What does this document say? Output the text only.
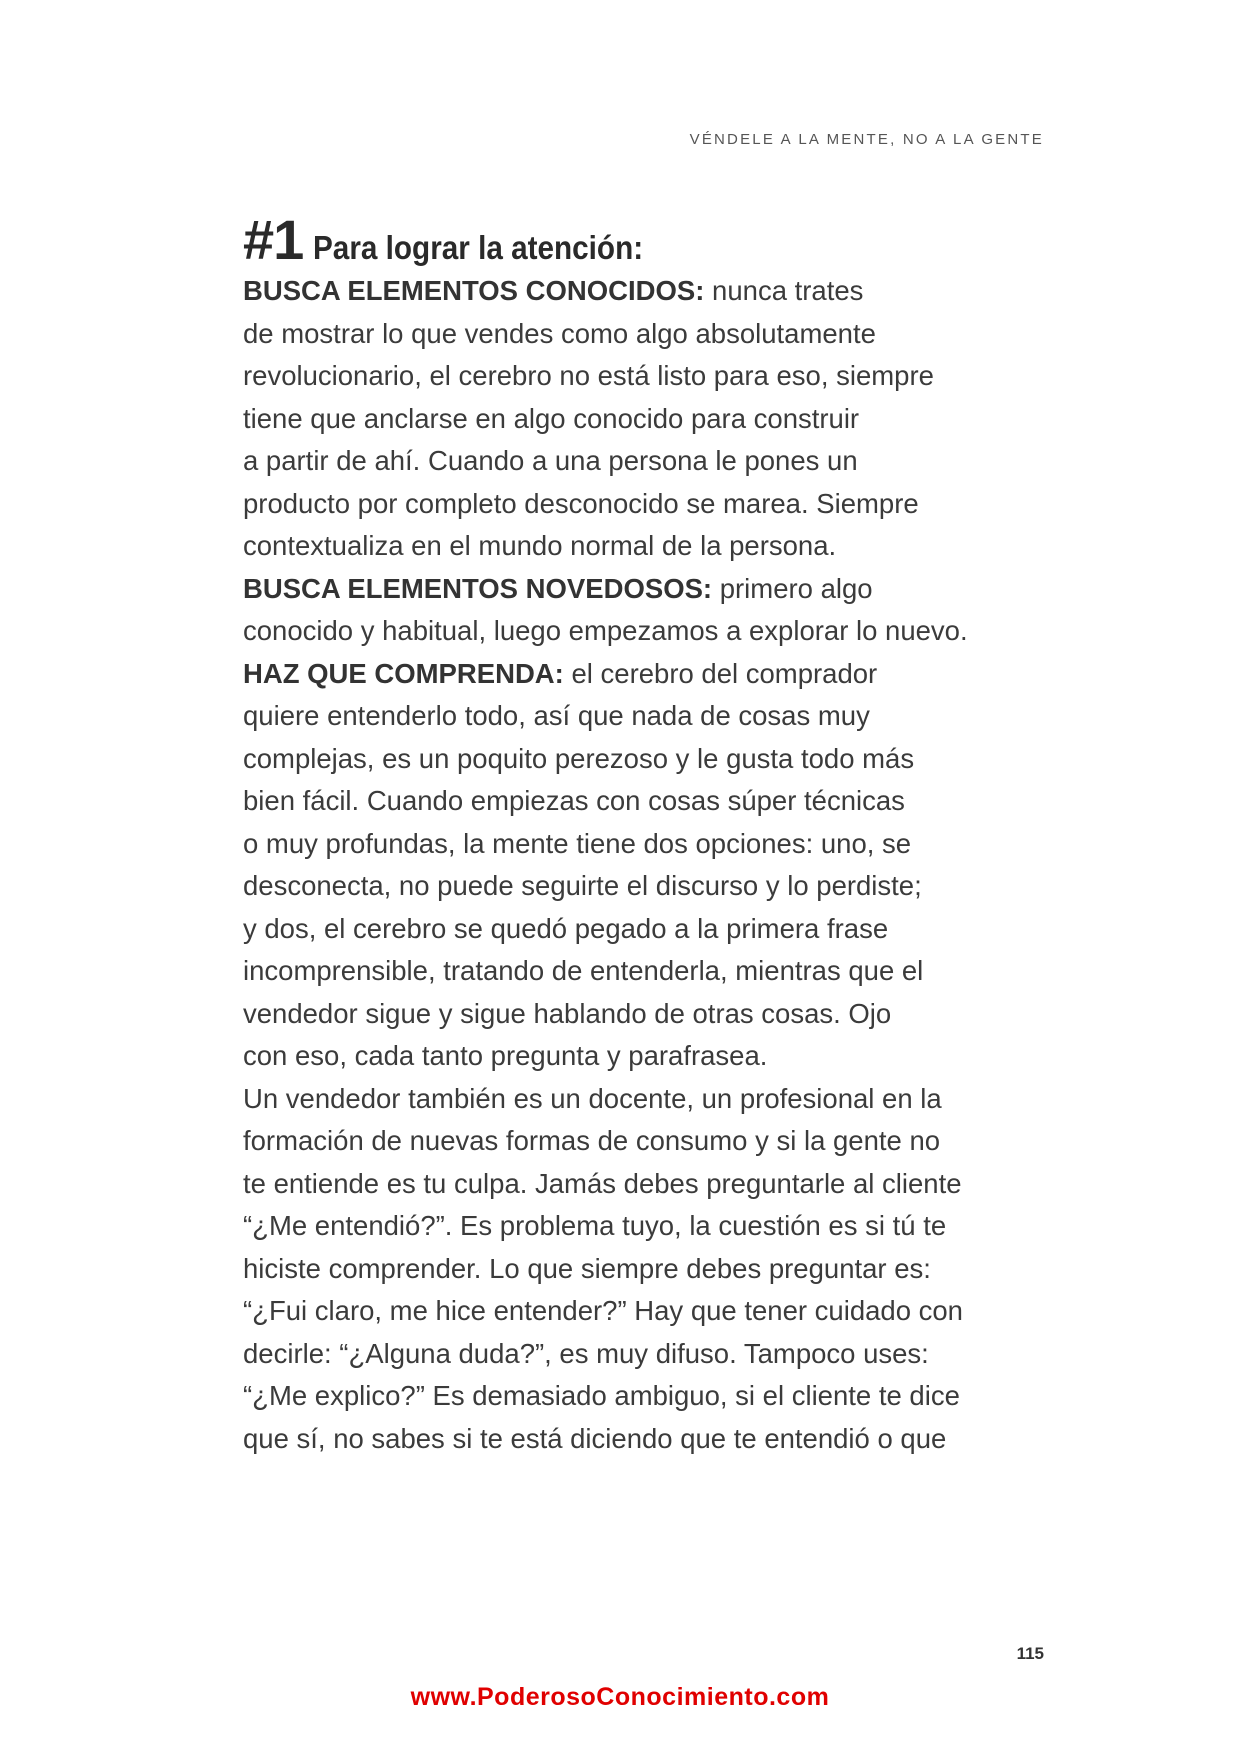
VÉNDELE A LA MENTE, NO A LA GENTE
#1 Para lograr la atención:

BUSCA ELEMENTOS CONOCIDOS: nunca trates
de mostrar lo que vendes como algo absolutamente
revolucionario, el cerebro no está listo para eso, siempre
tiene que anclarse en algo conocido para construir
a partir de ahí. Cuando a una persona le pones un
producto por completo desconocido se marea. Siempre
contextualiza en el mundo normal de la persona.

BUSCA ELEMENTOS NOVEDOSOS: primero algo
conocido y habitual, luego empezamos a explorar lo nuevo.

HAZ QUE COMPRENDA: el cerebro del comprador
quiere entenderlo todo, así que nada de cosas muy
complejas, es un poquito perezoso y le gusta todo más
bien fácil. Cuando empiezas con cosas súper técnicas
o muy profundas, la mente tiene dos opciones: uno, se
desconecta, no puede seguirte el discurso y lo perdiste;
y dos, el cerebro se quedó pegado a la primera frase
incomprensible, tratando de entenderla, mientras que el
vendedor sigue y sigue hablando de otras cosas. Ojo
con eso, cada tanto pregunta y parafrasea.

Un vendedor también es un docente, un profesional en la
formación de nuevas formas de consumo y si la gente no
te entiende es tu culpa. Jamás debes preguntarle al cliente
“¿Me entendió?”. Es problema tuyo, la cuestión es si tú te
hiciste comprender. Lo que siempre debes preguntar es:
“¿Fui claro, me hice entender?” Hay que tener cuidado con
decirle: “¿Alguna duda?”, es muy difuso. Tampoco uses:
“¿Me explico?” Es demasiado ambiguo, si el cliente te dice
que sí, no sabes si te está diciendo que te entendió o que

115
www.PoderosoConocimiento.com
